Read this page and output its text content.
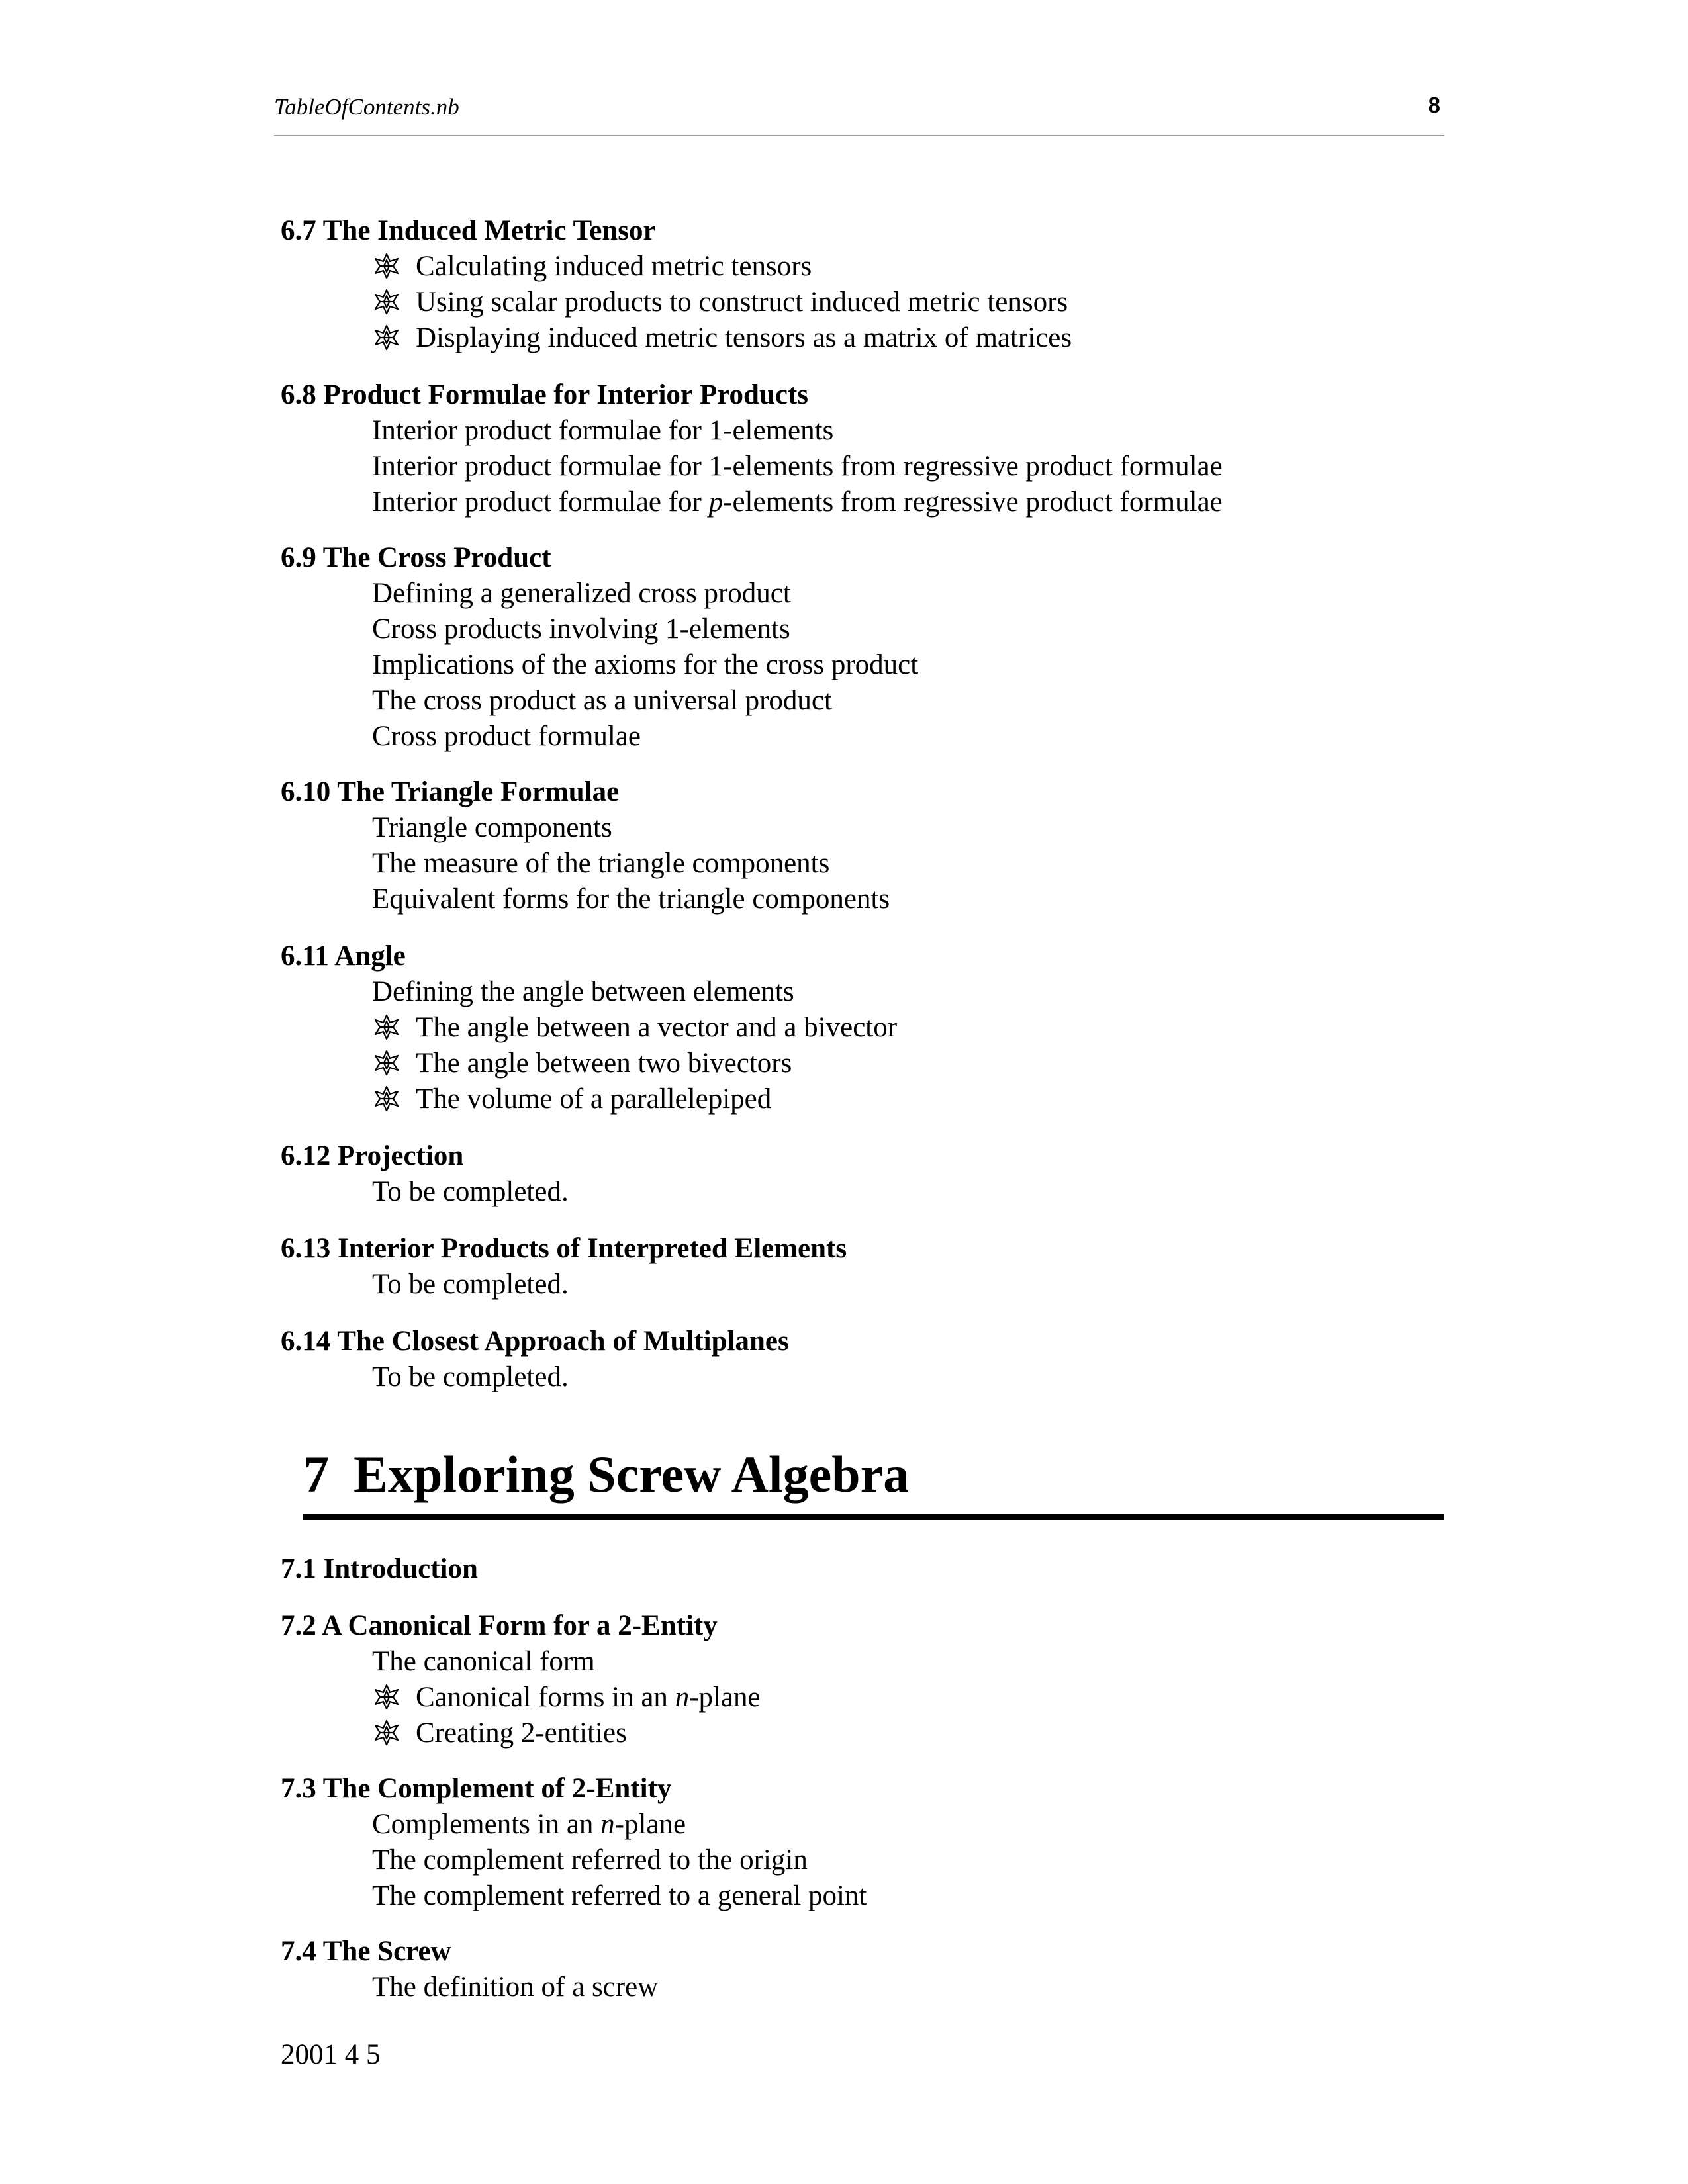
TableOfContents.nb	8
6.7 The Induced Metric Tensor
Calculating induced metric tensors
Using scalar products to construct induced metric tensors
Displaying induced metric tensors as a matrix of matrices
6.8 Product Formulae for Interior Products
Interior product formulae for 1-elements
Interior product formulae for 1-elements from regressive product formulae
Interior product formulae for p-elements from regressive product formulae
6.9 The Cross Product
Defining a generalized cross product
Cross products involving 1-elements
Implications of the axioms for the cross product
The cross product as a universal product
Cross product formulae
6.10 The Triangle Formulae
Triangle components
The measure of the triangle components
Equivalent forms for the triangle components
6.11 Angle
Defining the angle between elements
The angle between a vector and a bivector
The angle between two bivectors
The volume of a parallelepiped
6.12 Projection
To be completed.
6.13 Interior Products of Interpreted Elements
To be completed.
6.14 The Closest Approach of Multiplanes
To be completed.
7 Exploring Screw Algebra
7.1 Introduction
7.2 A Canonical Form for a 2-Entity
The canonical form
Canonical forms in an n-plane
Creating 2-entities
7.3 The Complement of 2-Entity
Complements in an n-plane
The complement referred to the origin
The complement referred to a general point
7.4 The Screw
The definition of a screw
2001 4 5
